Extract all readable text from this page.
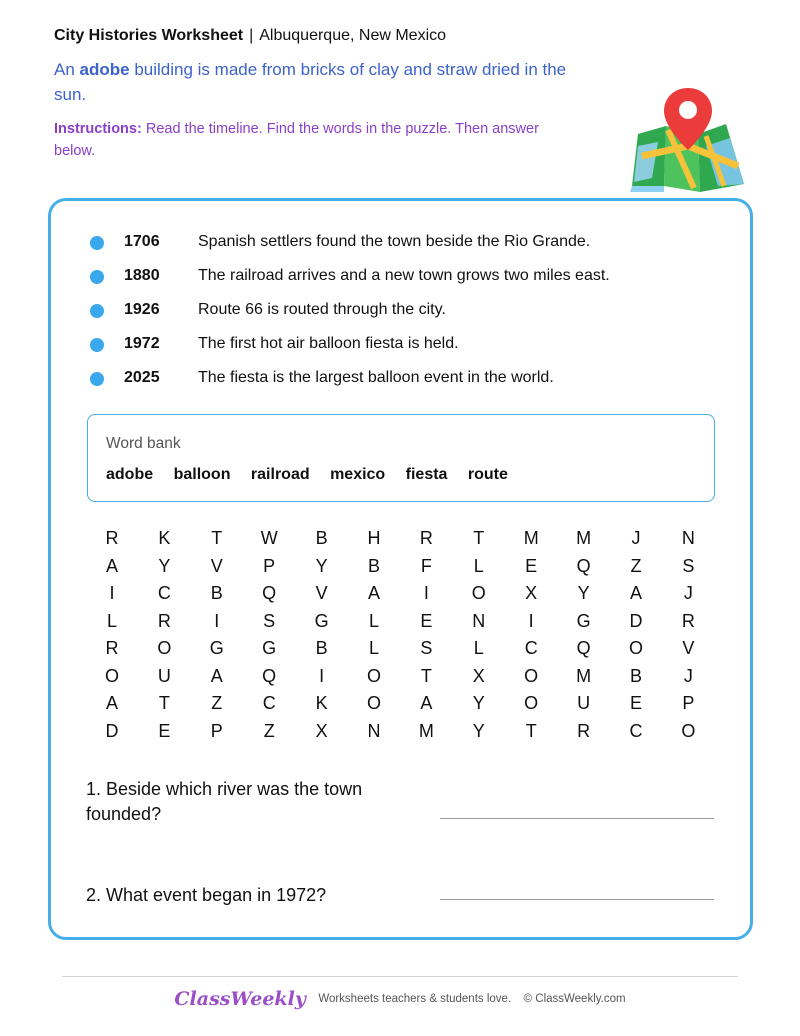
City Histories Worksheet | Albuquerque, New Mexico
An adobe building is made from bricks of clay and straw dried in the sun.
Instructions: Read the timeline. Find the words in the puzzle. Then answer below.
1706 Spanish settlers found the town beside the Rio Grande.
1880 The railroad arrives and a new town grows two miles east.
1926 Route 66 is routed through the city.
1972 The first hot air balloon fiesta is held.
2025 The fiesta is the largest balloon event in the world.
Word bank
adobe balloon railroad mexico fiesta route
R	K	T	W	B	H	R	T	M	M	J	N
A	Y	V	P	Y	B	F	L	E	Q	Z	S
I	C	B	Q	V	A	I	O	X	Y	A	J
L	R	I	S	G	L	E	N	I	G	D	R
R	O	G	G	B	L	S	L	C	Q	O	V
O	U	A	Q	I	O	T	X	O	M	B	J
A	T	Z	C	K	O	A	Y	O	U	E	P
D	E	P	Z	X	N	M	Y	T	R	C	O
1. Beside which river was the town founded?
2. What event began in 1972?
ClassWeekly Worksheets teachers & students love. © ClassWeekly.com
